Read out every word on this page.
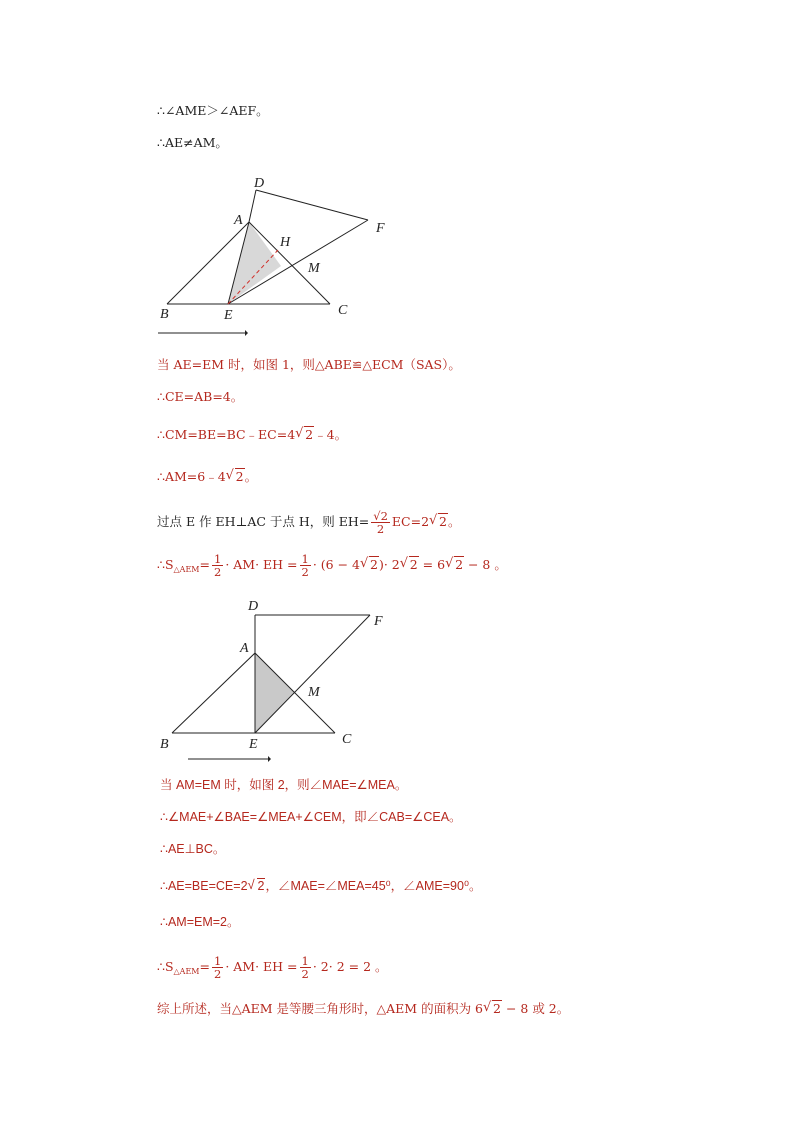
∴∠AME＞∠AEF。
∴AE≠AM。
D
A
H
F
M
B	E	C
当 AE=EM 时，如图 1，则△ABE≌△ECM（SAS）。
∴CE=AB=4。
∴CM=BE=BC﹣EC=4√ 2﹣4。
∴AM=6﹣4√ 2。
过点 E 作 EH⊥AC 于点 H，则 $EH= \frac{√2}{2} EC=2√$ 2。
$\therefore S_{\triangle AEM}= \frac{1}{2} \cdot AM\cdot$ EH = $\frac{1}{2} \cdot (6 - 4√$ 2)· 2√ 2 = 6√ 2 − 8 。
D
A
F
M
B	E	C
当 AM=EM 时，如图 2，则∠MAE=∠MEA。
∴∠MAE+∠BAE=∠MEA+∠CEM，即∠CAB=∠CEA。
∴AE⊥BC。
∴AE=BE=CE=2√ 2，∠MAE=∠MEA=45⁰，∠AME=90⁰。
∴AM=EM=2。
$\therefore S_{\triangle AEM}= \frac{1}{2} \cdot AM\cdot$ EH = $\frac{1}{2} \cdot 2\cdot 2 = 2$ 。
综上所述，当△AEM 是等腰三角形时，△AEM 的面积为 6√ 2 − 8 或 2。
